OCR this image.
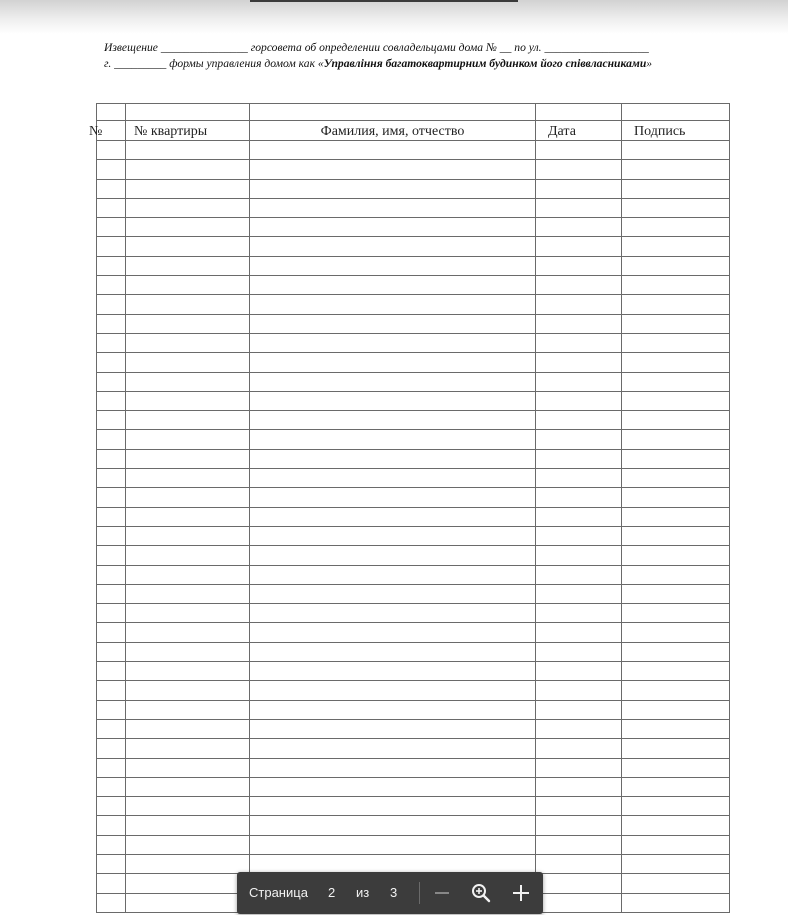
Извещение _______________ горсовета об определении совладельцами дома № __ по ул. __________________
г. _________ формы управления домом как «Управління багатоквартирним будинком його співвласниками»

№	№ квартиры	Фамилия, имя, отчество	Дата	Подпись

Страница 2 из 3
